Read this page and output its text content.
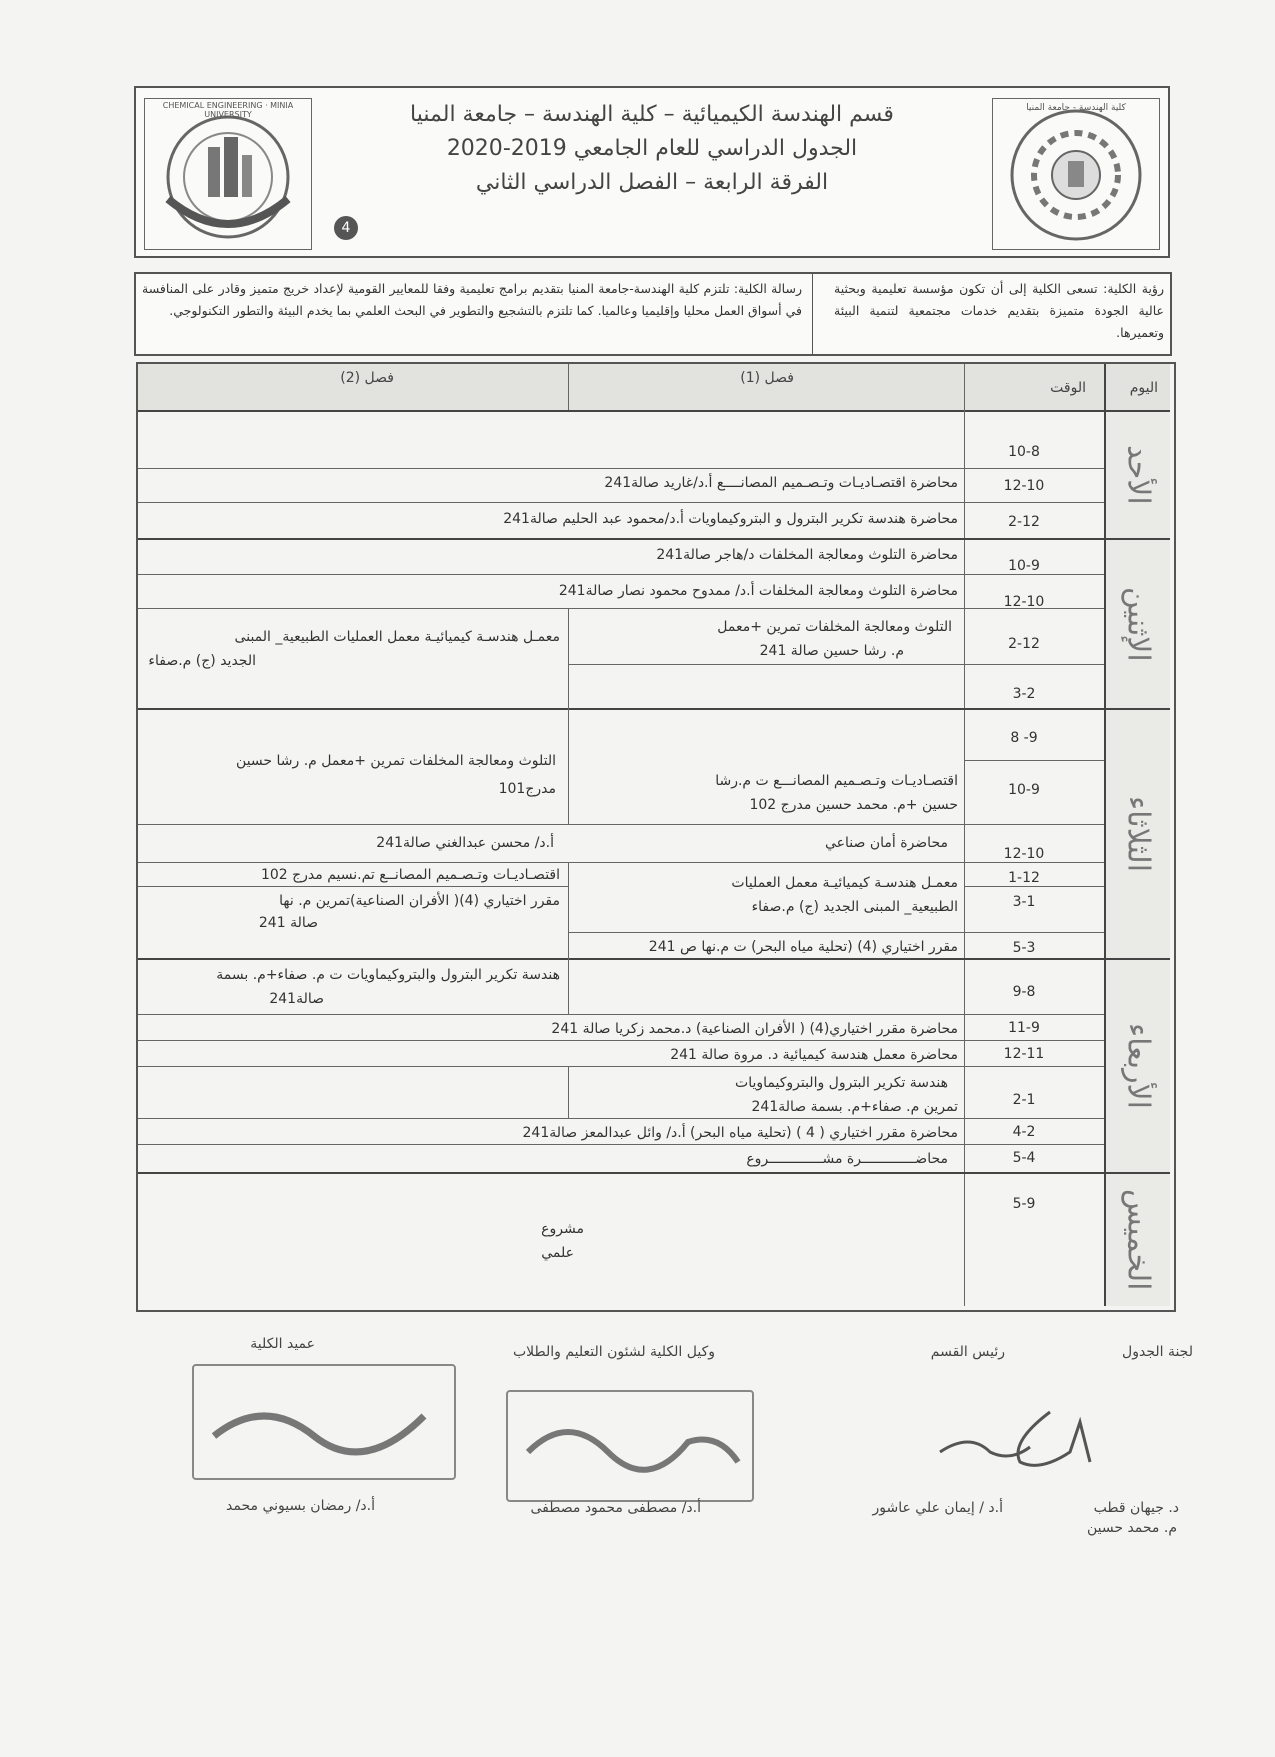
CHEMICAL ENGINEERING · MINIA UNIVERSITY	قسم الهندسة الكيميائية – كلية الهندسة – جامعة المنيا
الجدول الدراسي للعام الجامعي 2019-2020
الفرقة الرابعة – الفصل الدراسي الثاني
4
كلية الهندسة - جامعة المنيا
رؤية الكلية: تسعى الكلية إلى أن تكون مؤسسة تعليمية وبحثية عالية الجودة متميزة بتقديم خدمات مجتمعية لتنمية البيئة وتعميرها.
رسالة الكلية: تلتزم كلية الهندسة-جامعة المنيا بتقديم برامج تعليمية وفقا للمعايير القومية لإعداد خريج متميز وقادر على المنافسة في أسواق العمل محليا وإقليميا وعالميا. كما تلتزم بالتشجيع والتطوير في البحث العلمي بما يخدم البيئة والتطور التكنولوجي.
اليوم
الوقت
فصل (1)
فصل (2)
الأحد
10-8
12-10
2-12
محاضرة اقتصـاديـات وتـصـميم المصانــــع أ.د/غاريد صالة241
محاضرة هندسة تكرير البترول و البتروكيماويات أ.د/محمود عبد الحليم صالة241
الإثنين
10-9
12-10
2-12
3-2
محاضرة التلوث ومعالجة المخلفات د/هاجر صالة241
محاضرة التلوث ومعالجة المخلفات أ.د/ ممدوح محمود نصار صالة241
التلوث ومعالجة المخلفات تمرين +معمل
م. رشا حسين صالة 241
معمـل هندسـة كيميائيـة معمل العمليات الطبيعية_ المبنى
الجديد (ج) م.صفاء
الثلاثاء
9- 8
10-9
12-10
1-12
3-1
5-3
التلوث ومعالجة المخلفات تمرين +معمل م. رشا حسين
مدرج101	اقتصـاديـات وتـصـميم المصانـــع ت م.رشا
حسين +م. محمد حسين مدرج 102
محاضرة أمان صناعي
أ.د/ محسن عبدالغني صالة241
اقتصـاديـات وتـصـميم المصانــع تم.نسيم مدرج 102
مقرر اختياري (4)( الأفران الصناعية)تمرين م. نها
صالة 241
معمـل هندسـة كيميائيـة معمل العمليات
الطبيعية_ المبنى الجديد (ج) م.صفاء
مقرر اختياري (4) (تحلية مياه البحر) ت م.نها ص 241
الأربعاء
9-8
11-9
12-11
2-1
4-2
5-4
هندسة تكرير البترول والبتروكيماويات ت م. صفاء+م. بسمة
صالة241
محاضرة مقرر اختياري(4) ( الأفران الصناعية) د.محمد زكريا صالة 241
محاضرة معمل هندسة كيميائية د. مروة صالة 241
هندسة تكرير البترول والبتروكيماويات
تمرين م. صفاء+م. بسمة صالة241
محاضرة مقرر اختياري ( 4 ) (تحلية مياه البحر) أ.د/ وائل عبدالمعز صالة241
محاضـــــــــــــرة مشـــــــــــــروع
الخميس
5-9
مشروع
علمي
لجنة الجدول
رئيس القسم
وكيل الكلية لشئون التعليم والطلاب
عميد الكلية
د. جيهان قطب
م. محمد حسين
أ.د / إيمان علي عاشور
أ.د/ مصطفى محمود مصطفى
أ.د/ رمضان بسيوني محمد
